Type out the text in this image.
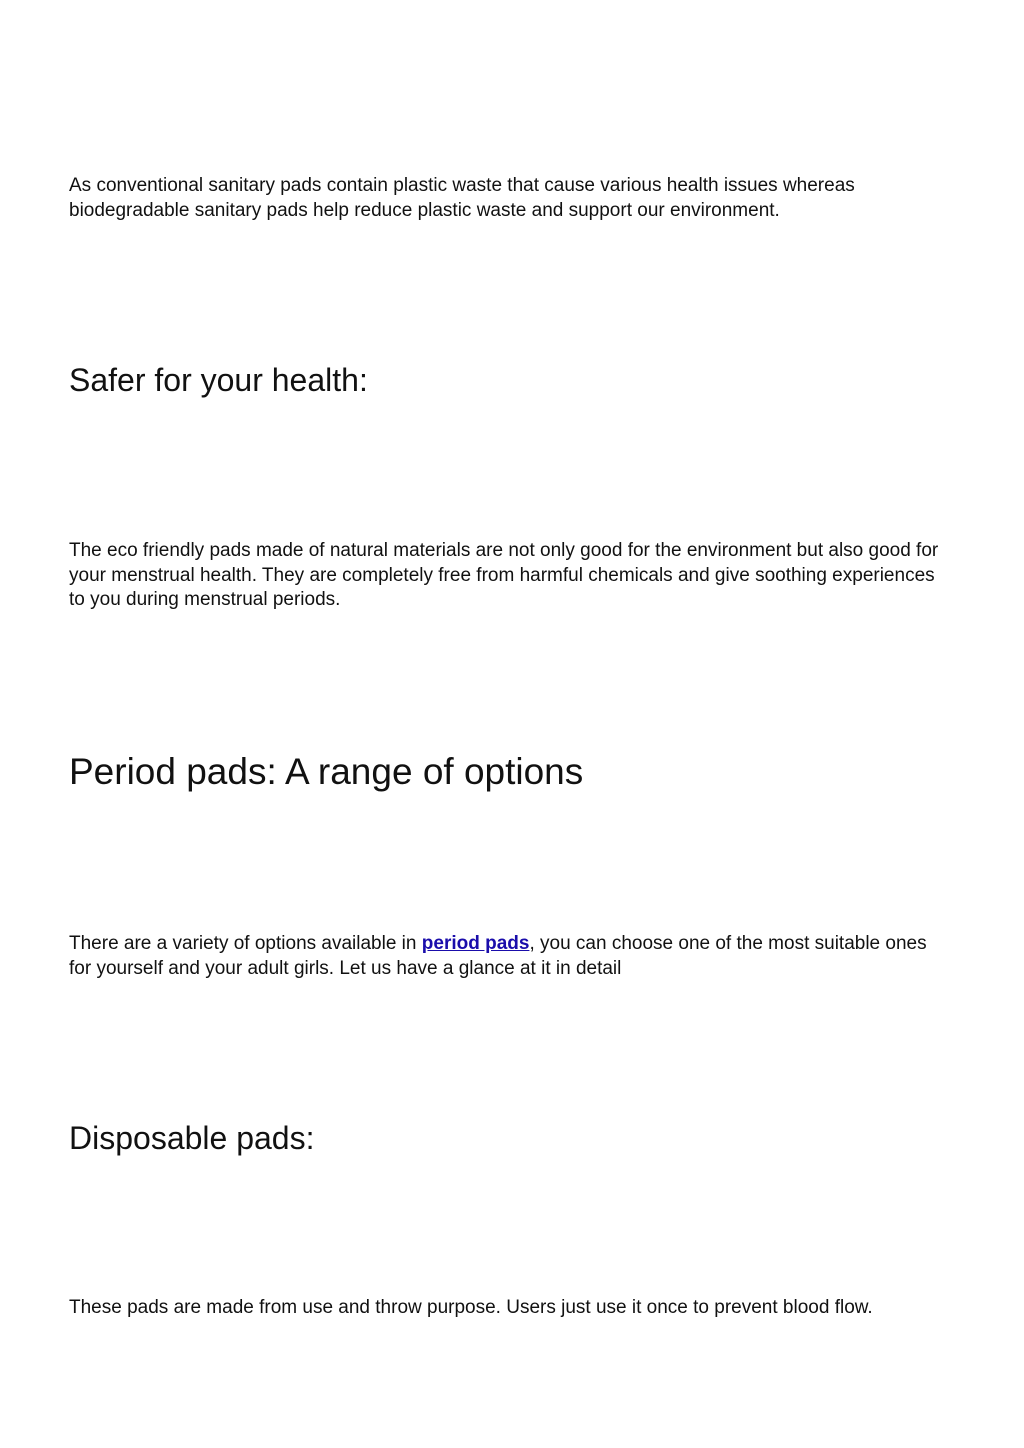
As conventional sanitary pads contain plastic waste that cause various health issues whereas biodegradable sanitary pads help reduce plastic waste and support our environment.

Safer for your health:

The eco friendly pads made of natural materials are not only good for the environment but also good for your menstrual health. They are completely free from harmful chemicals and give soothing experiences to you during menstrual periods.

Period pads: A range of options

There are a variety of options available in period pads, you can choose one of the most suitable ones for yourself and your adult girls. Let us have a glance at it in detail

Disposable pads:

These pads are made from use and throw purpose. Users just use it once to prevent blood flow.
